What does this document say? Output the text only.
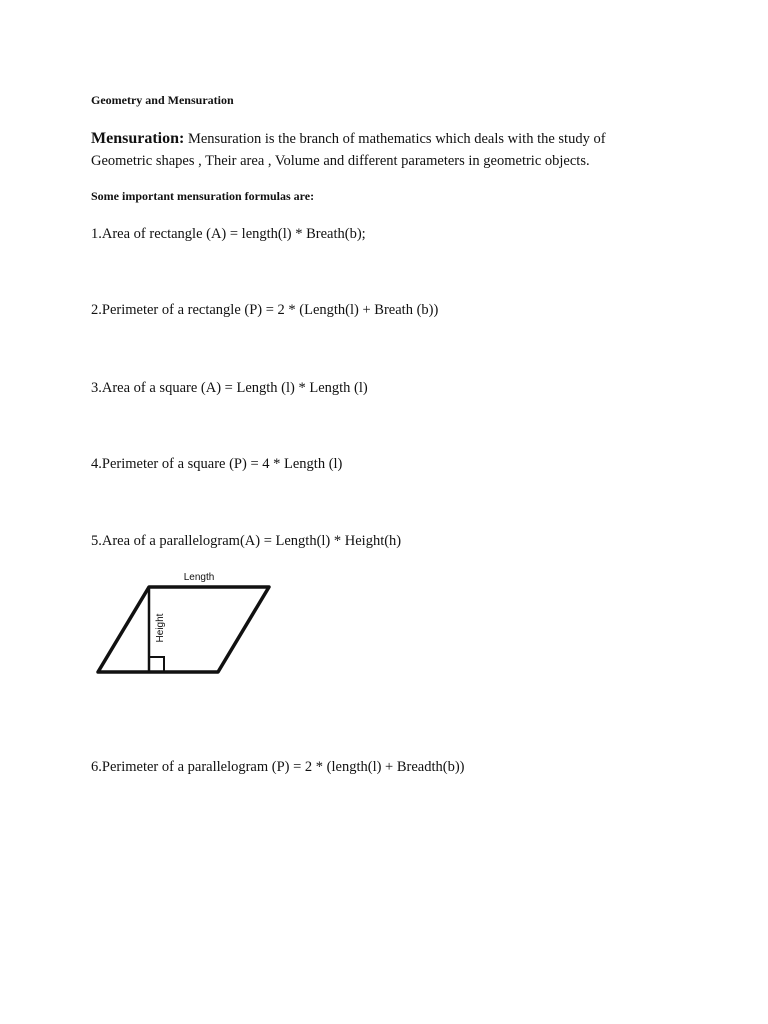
Geometry and Mensuration
Mensuration: Mensuration is the branch of mathematics which deals with the study of Geometric shapes , Their area , Volume and different parameters in geometric objects.
Some important mensuration formulas are:
1.Area of rectangle (A) = length(l) * Breath(b);
2.Perimeter of a rectangle (P) = 2 * (Length(l) + Breath (b))
3.Area of a square (A) = Length (l) * Length (l)
4.Perimeter of a square (P) = 4 * Length (l)
5.Area of a parallelogram(A) = Length(l) * Height(h)
Length
Height
6.Perimeter of a parallelogram (P) = 2 * (length(l) + Breadth(b))
